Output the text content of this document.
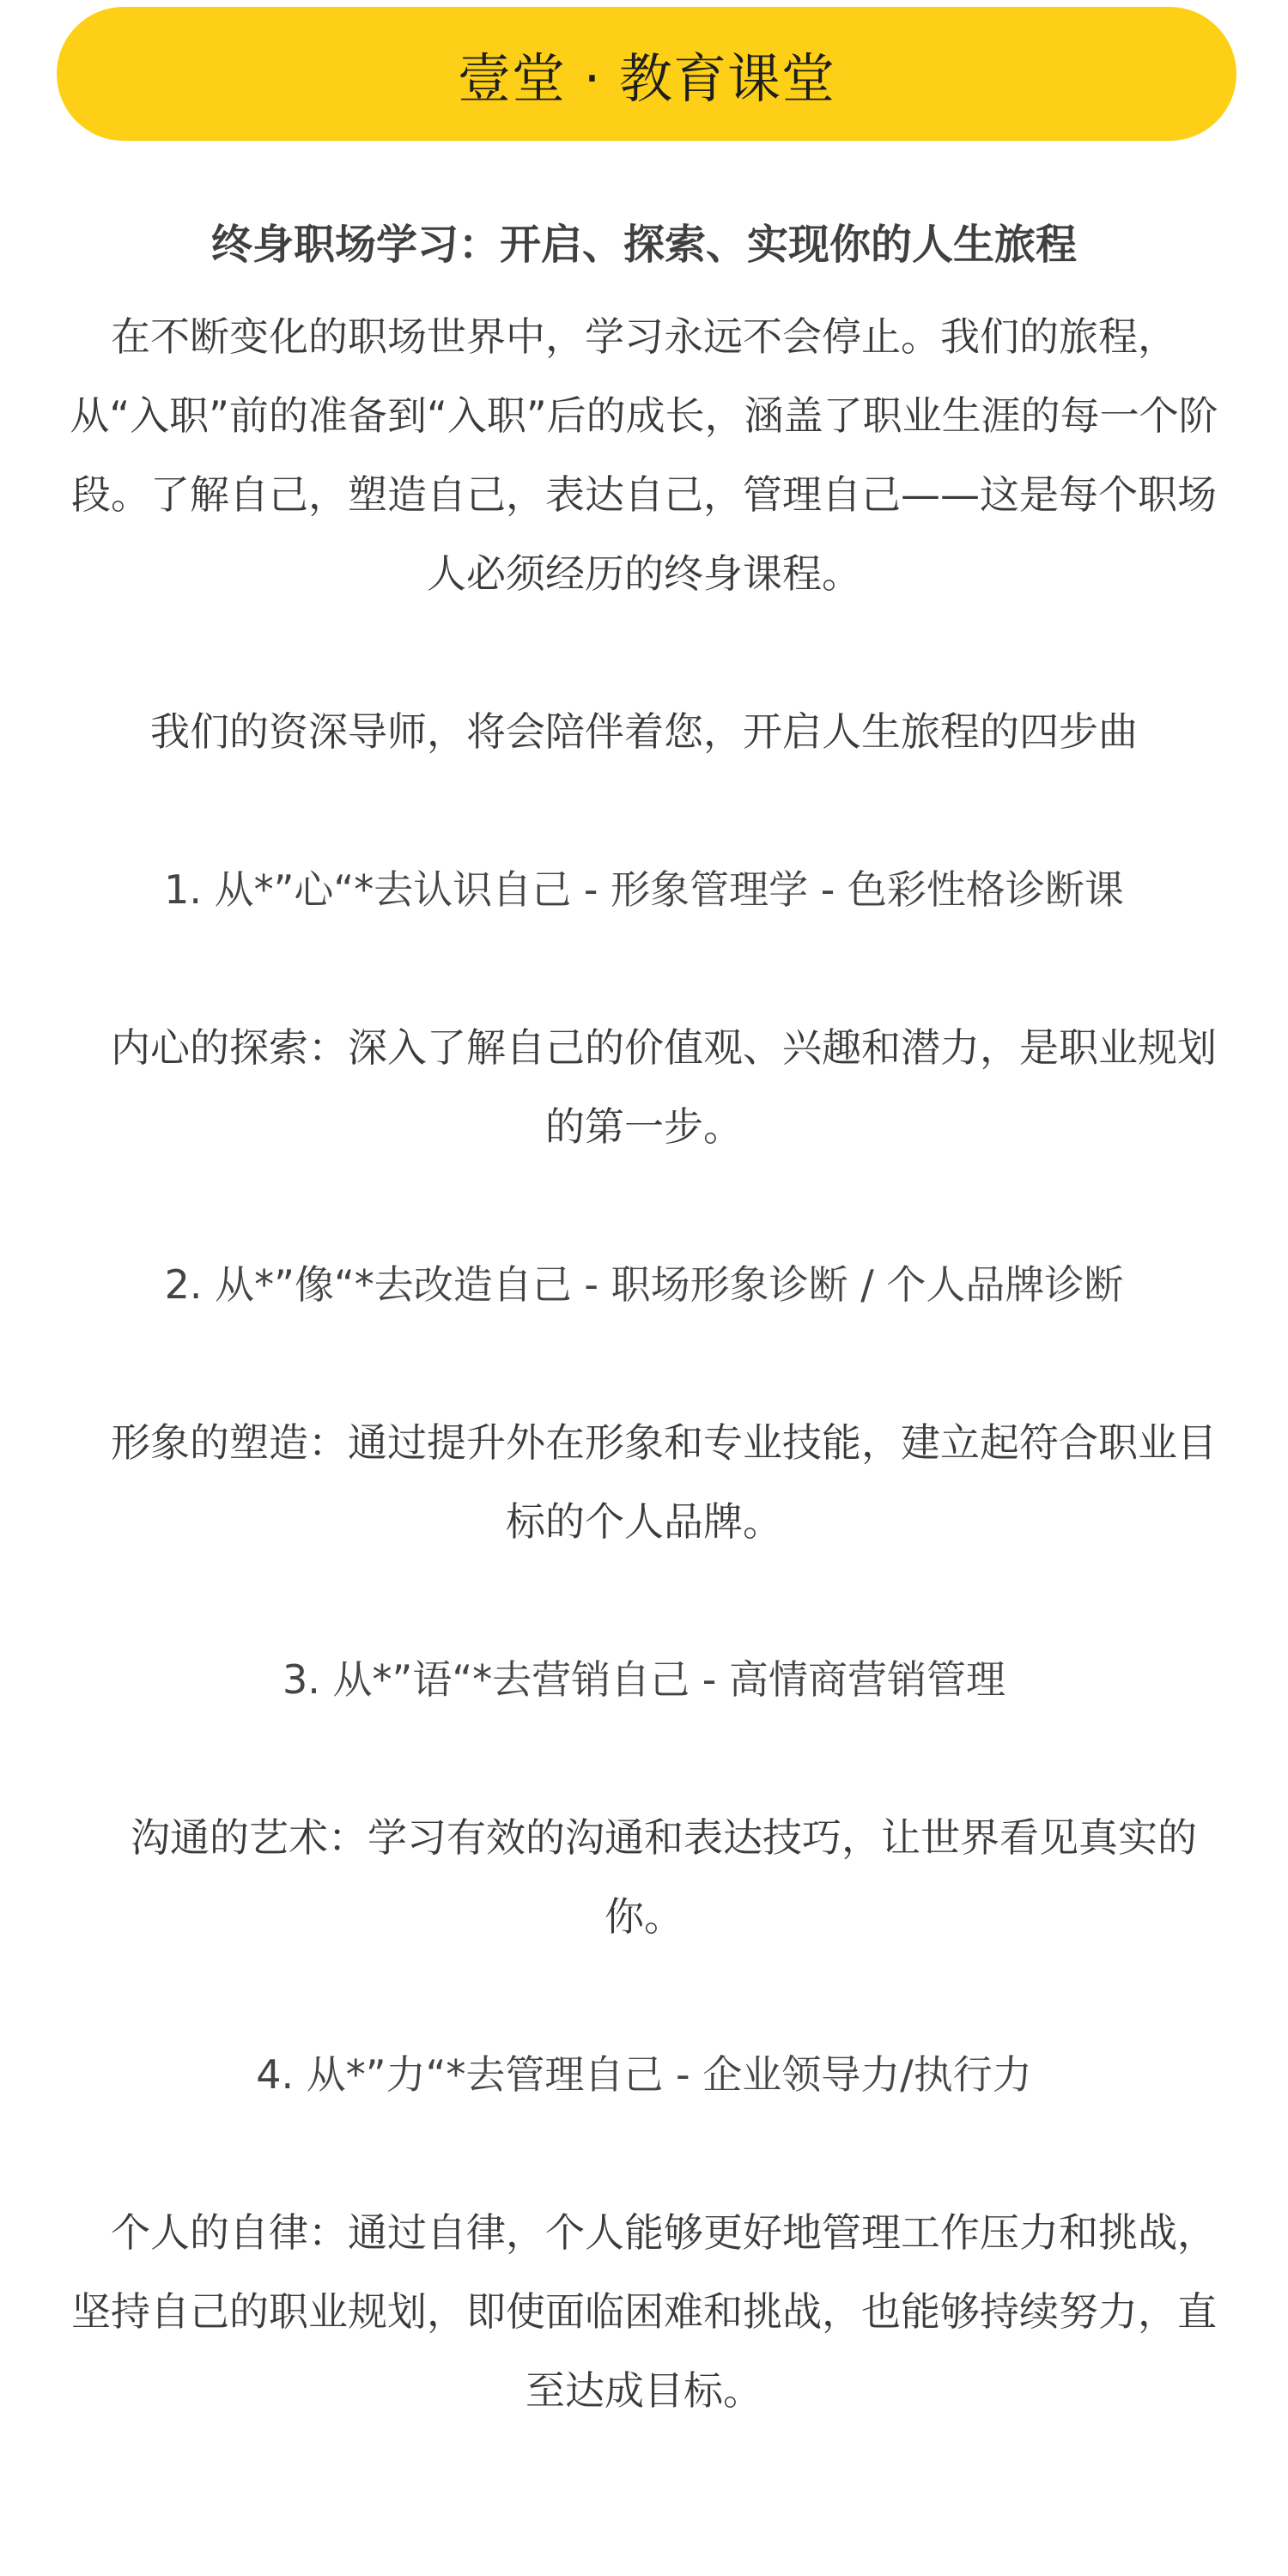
壹堂 · 教育课堂
终身职场学习：开启、探索、实现你的人生旅程

在不断变化的职场世界中，学习永远不会停止。我们的旅程，从“入职”前的准备到“入职”后的成长，涵盖了职业生涯的每一个阶段。了解自己，塑造自己，表达自己，管理自己——这是每个职场人必须经历的终身课程。

我们的资深导师，将会陪伴着您，开启人生旅程的四步曲

1. 从*”心“*去认识自己 - 形象管理学 - 色彩性格诊断课

内心的探索：深入了解自己的价值观、兴趣和潜力，是职业规划的第一步。

2. 从*”像“*去改造自己 - 职场形象诊断 / 个人品牌诊断

形象的塑造：通过提升外在形象和专业技能，建立起符合职业目标的个人品牌。

3. 从*”语“*去营销自己 - 高情商营销管理

沟通的艺术：学习有效的沟通和表达技巧，让世界看见真实的你。

4. 从*”力“*去管理自己 - 企业领导力/执行力

个人的自律：通过自律，个人能够更好地管理工作压力和挑战，坚持自己的职业规划，即使面临困难和挑战，也能够持续努力，直至达成目标。
